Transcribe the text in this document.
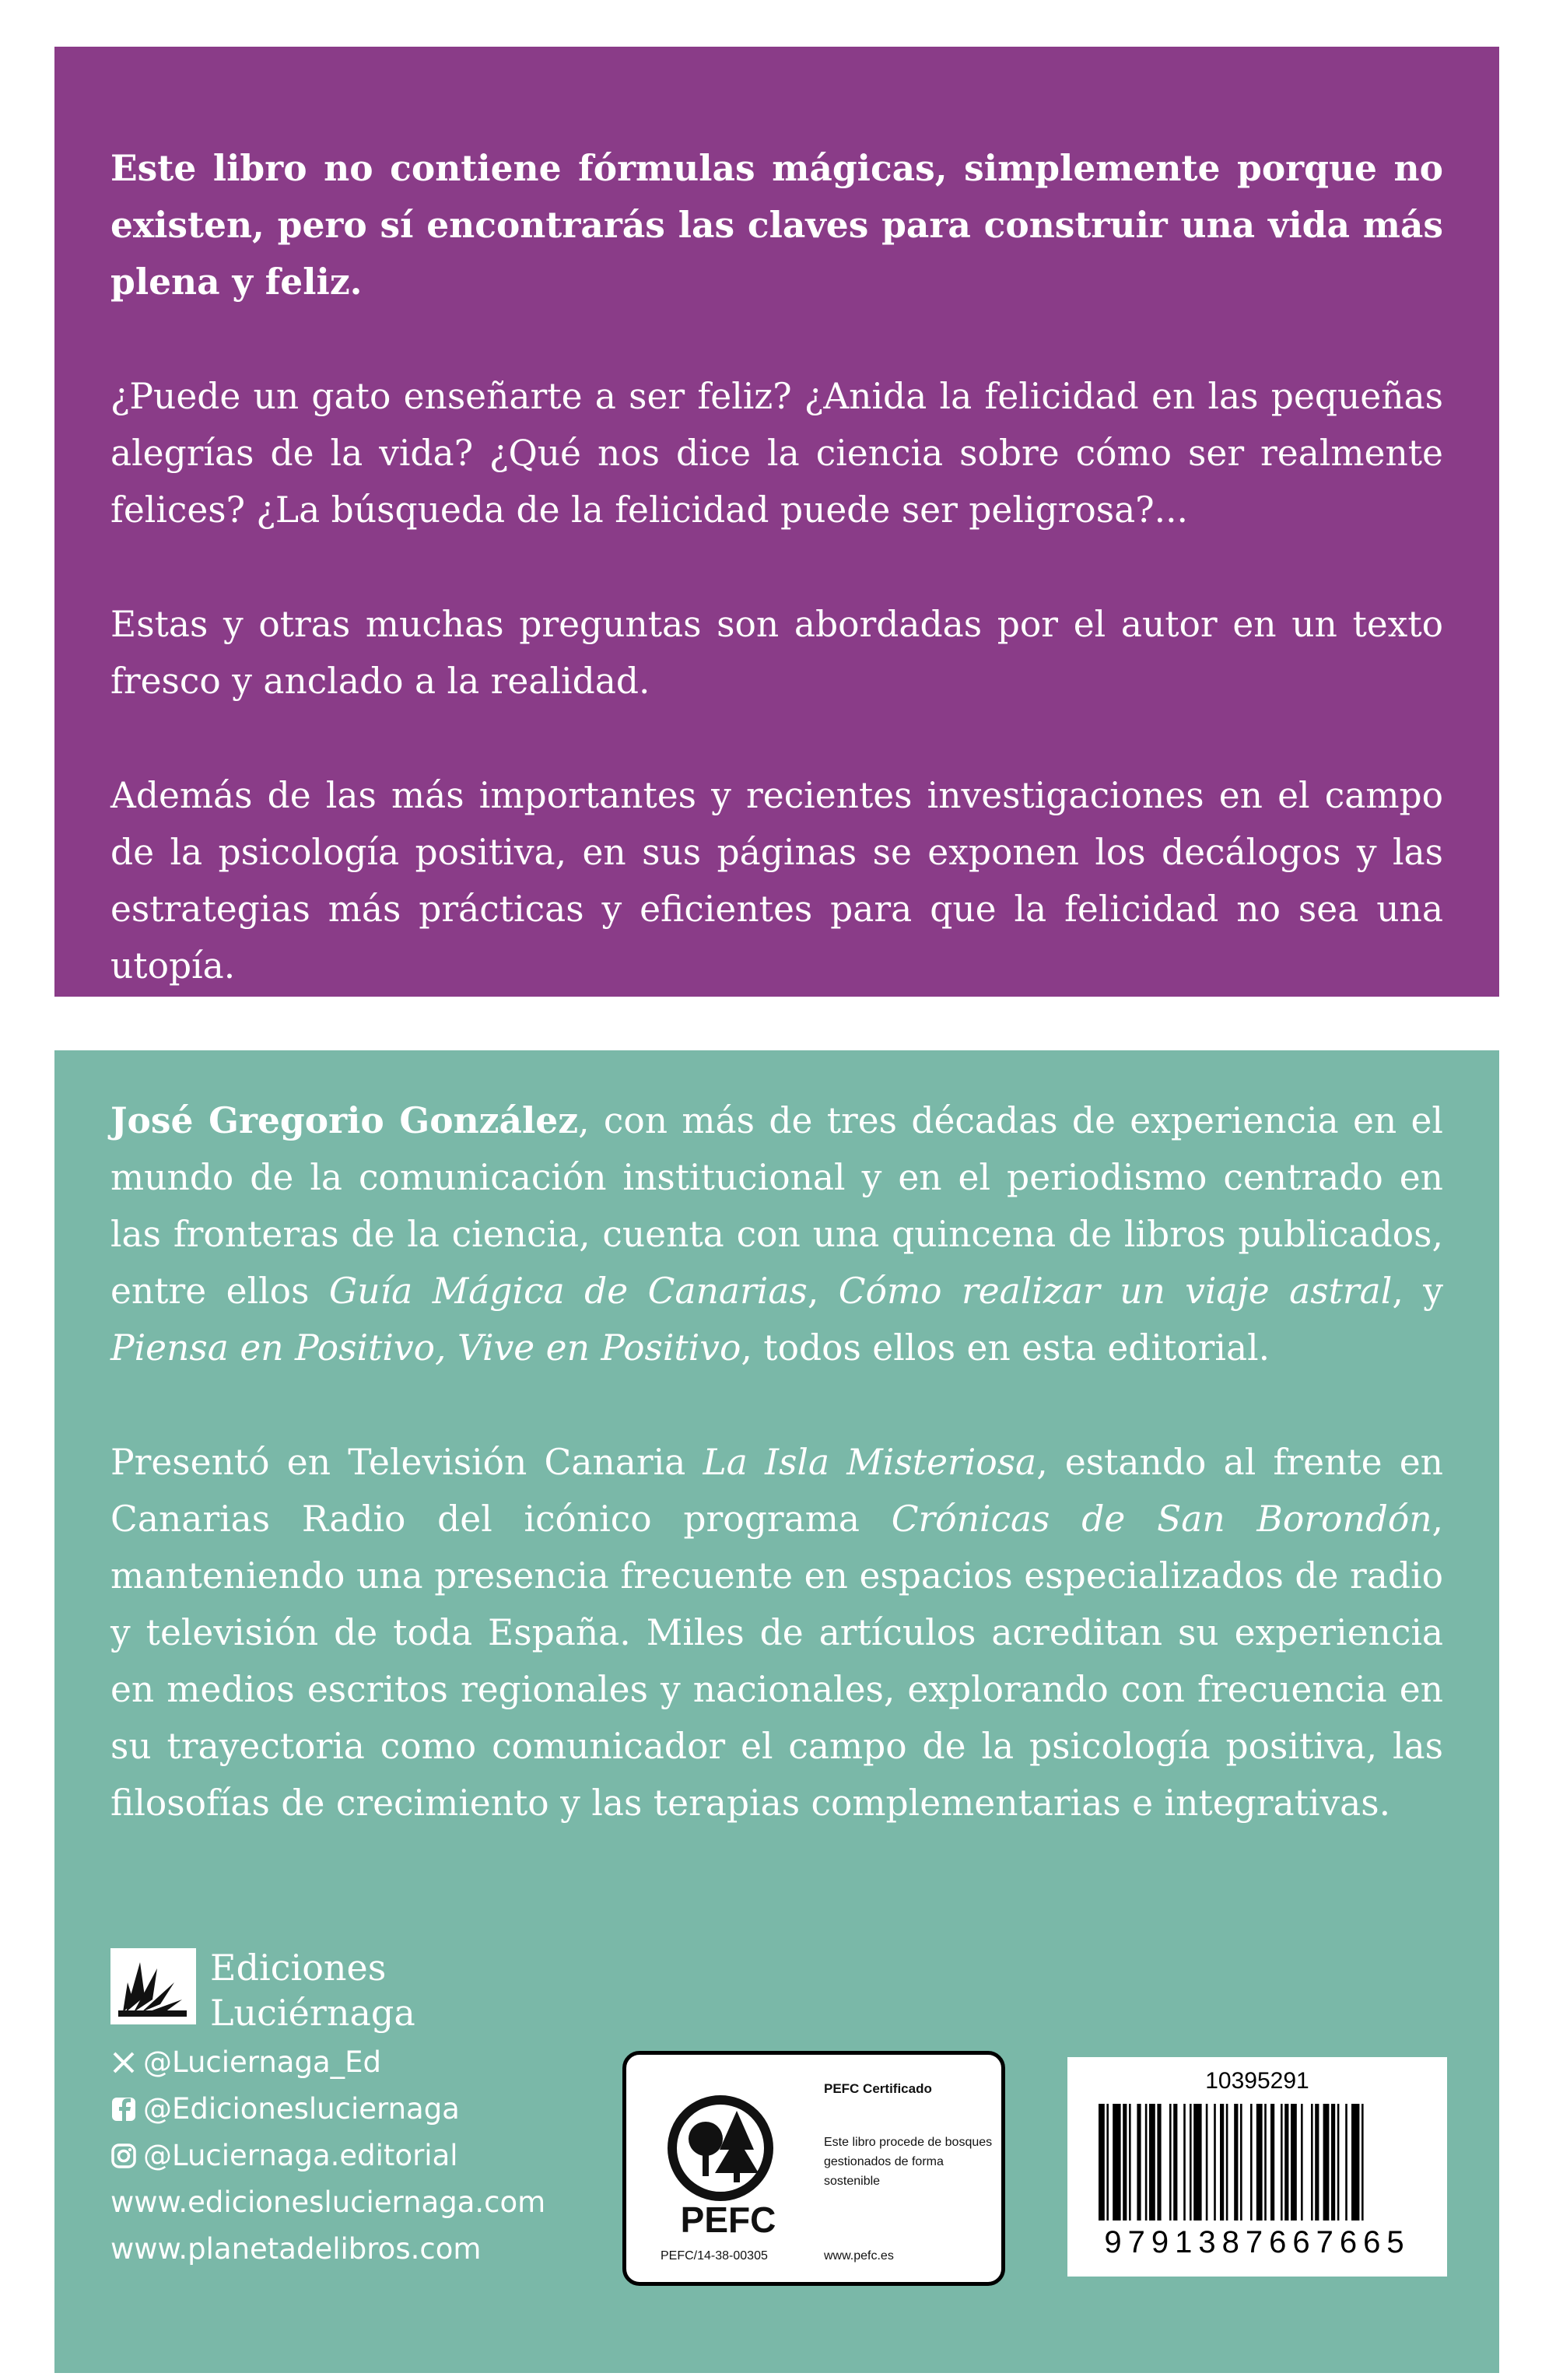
Este libro no contiene fórmulas mágicas, simplemente porque no existen, pero sí encontrarás las claves para construir una vida más plena y feliz.

¿Puede un gato enseñarte a ser feliz? ¿Anida la felicidad en las pequeñas alegrías de la vida? ¿Qué nos dice la ciencia sobre cómo ser realmente felices? ¿La búsqueda de la felicidad puede ser peligrosa?...

Estas y otras muchas preguntas son abordadas por el autor en un texto fresco y anclado a la realidad.

Además de las más importantes y recientes investigaciones en el campo de la psicología positiva, en sus páginas se exponen los decálogos y las estrategias más prácticas y eficientes para que la felicidad no sea una utopía.

José Gregorio González, con más de tres décadas de experiencia en el mundo de la comunicación institucional y en el periodismo centrado en las fronteras de la ciencia, cuenta con una quincena de libros publicados, entre ellos Guía Mágica de Canarias, Cómo realizar un viaje astral, y Piensa en Positivo, Vive en Positivo, todos ellos en esta editorial.

Presentó en Televisión Canaria La Isla Misteriosa, estando al frente en Canarias Radio del icónico programa Crónicas de San Borondón, manteniendo una presencia frecuente en espacios especializados de radio y televisión de toda España. Miles de artículos acreditan su experiencia en medios escritos regionales y nacionales, explorando con frecuencia en su trayectoria como comunicador el campo de la psicología positiva, las filosofías de crecimiento y las terapias complementarias e integrativas.

Ediciones
Luciérnaga
@Luciernaga_Ed
@Edicionesluciernaga
@Luciernaga.editorial
www.edicionesluciernaga.com
www.planetadelibros.com
PEFC
PEFC Certificado
Este libro procede de bosques gestionados de forma sostenible
PEFC/14-38-00305	www.pefc.es
10395291
9791387667665
